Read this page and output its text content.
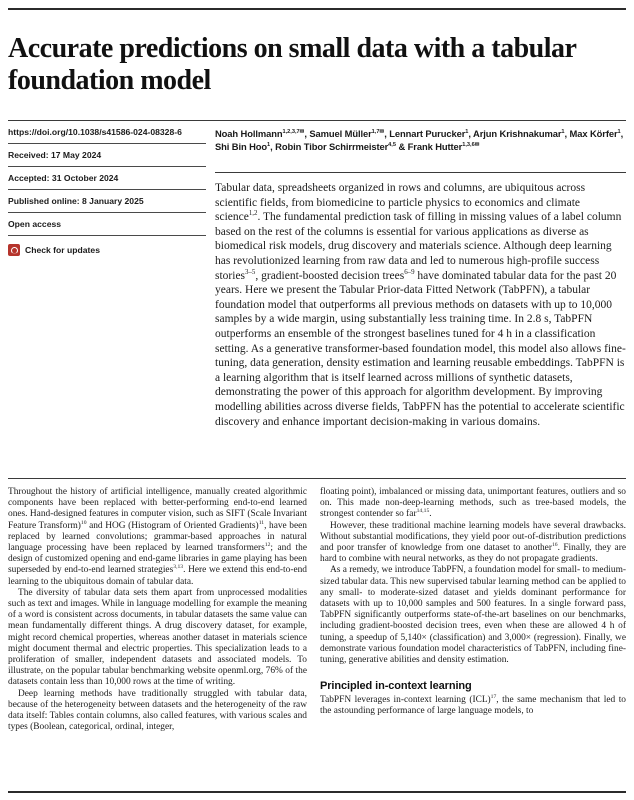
Accurate predictions on small data with a tabular foundation model
https://doi.org/10.1038/s41586-024-08328-6
Received: 17 May 2024
Accepted: 31 October 2024
Published online: 8 January 2025
Open access
Check for updates
Noah Hollmann$^{1,2,3,7✉}$, Samuel Müller$^{1,7✉}$, Lennart Purucker$^1$, Arjun Krishnakumar$^1$, Max Körfer$^1$, Shi Bin Hoo$^1$, Robin Tibor Schirrmeister$^{4,5}$ & Frank Hutter$^{1,3,6✉}$
Tabular data, spreadsheets organized in rows and columns, are ubiquitous across scientific fields, from biomedicine to particle physics to economics and climate science$^{1,2}$. The fundamental prediction task of filling in missing values of a label column based on the rest of the columns is essential for various applications as diverse as biomedical risk models, drug discovery and materials science. Although deep learning has revolutionized learning from raw data and led to numerous high-profile success stories$^{3-5}$, gradient-boosted decision trees$^{6-9}$ have dominated tabular data for the past 20 years. Here we present the Tabular Prior-data Fitted Network (TabPFN), a tabular foundation model that outperforms all previous methods on datasets with up to 10,000 samples by a wide margin, using substantially less training time. In 2.8 s, TabPFN outperforms an ensemble of the strongest baselines tuned for 4 h in a classification setting. As a generative transformer-based foundation model, this model also allows fine-tuning, data generation, density estimation and learning reusable embeddings. TabPFN is a learning algorithm that is itself learned across millions of synthetic datasets, demonstrating the power of this approach for algorithm development. By improving modelling abilities across diverse fields, TabPFN has the potential to accelerate scientific discovery and enhance important decision-making in various domains.

Throughout the history of artificial intelligence, manually created algorithmic components have been replaced with better-performing end-to-end learned ones. Hand-designed features in computer vision, such as SIFT (Scale Invariant Feature Transform)$^{10}$ and HOG (Histogram of Oriented Gradients)$^{11}$, have been replaced by learned convolutions; grammar-based approaches in natural language processing have been replaced by learned transformers$^{12}$; and the design of customized opening and end-game libraries in game playing has been superseded by end-to-end learned strategies$^{3,13}$. Here we extend this end-to-end learning to the ubiquitous domain of tabular data.

The diversity of tabular data sets them apart from unprocessed modalities such as text and images. While in language modelling for example the meaning of a word is consistent across documents, in tabular datasets the same value can mean fundamentally different things. A drug discovery dataset, for example, might record chemical properties, whereas another dataset in materials science might document thermal and electric properties. This specialization leads to a proliferation of smaller, independent datasets and associated models. To illustrate, on the popular tabular benchmarking website openml.org, 76% of the datasets contain less than 10,000 rows at the time of writing.

Deep learning methods have traditionally struggled with tabular data, because of the heterogeneity between datasets and the heterogeneity of the raw data itself: Tables contain columns, also called features, with various scales and types (Boolean, categorical, ordinal, integer,

floating point), imbalanced or missing data, unimportant features, outliers and so on. This made non-deep-learning methods, such as tree-based models, the strongest contender so far$^{14,15}$.

However, these traditional machine learning models have several drawbacks. Without substantial modifications, they yield poor out-of-distribution predictions and poor transfer of knowledge from one dataset to another$^{16}$. Finally, they are hard to combine with neural networks, as they do not propagate gradients.

As a remedy, we introduce TabPFN, a foundation model for small- to medium-sized tabular data. This new supervised tabular learning method can be applied to any small- to moderate-sized dataset and yields dominant performance for datasets with up to 10,000 samples and 500 features. In a single forward pass, TabPFN significantly outperforms state-of-the-art baselines on our benchmarks, including gradient-boosted decision trees, even when these are allowed 4 h of tuning, a speedup of 5,140× (classification) and 3,000× (regression). Finally, we demonstrate various foundation model characteristics of TabPFN, including fine-tuning, generative abilities and density estimation.

Principled in-context learning

TabPFN leverages in-context learning (ICL)$^{17}$, the same mechanism that led to the astounding performance of large language models, to
